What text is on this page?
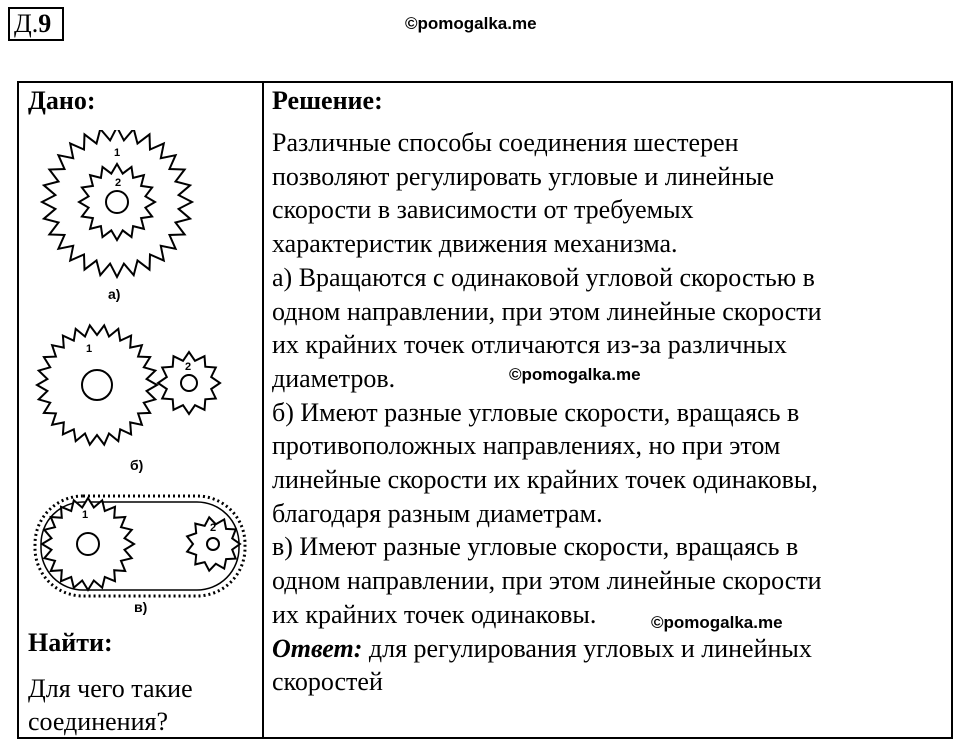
Д.9	©pomogalka.me
Дано:
1
2
1
2
1
2
а)
б)
в)
Найти:
Для чего такие
соединения?
Решение:
Различные способы соединения шестерен
позволяют регулировать угловые и линейные
скорости в зависимости от требуемых
характеристик движения механизма.
а) Вращаются с одинаковой угловой скоростью в
одном направлении, при этом линейные скорости
их крайних точек отличаются из-за различных
диаметров.
б) Имеют разные угловые скорости, вращаясь в
противоположных направлениях, но при этом
линейные скорости их крайних точек одинаковы,
благодаря разным диаметрам.
в) Имеют разные угловые скорости, вращаясь в
одном направлении, при этом линейные скорости
их крайних точек одинаковы.
Ответ: для регулирования угловых и линейных
скоростей
©pomogalka.me
©pomogalka.me
